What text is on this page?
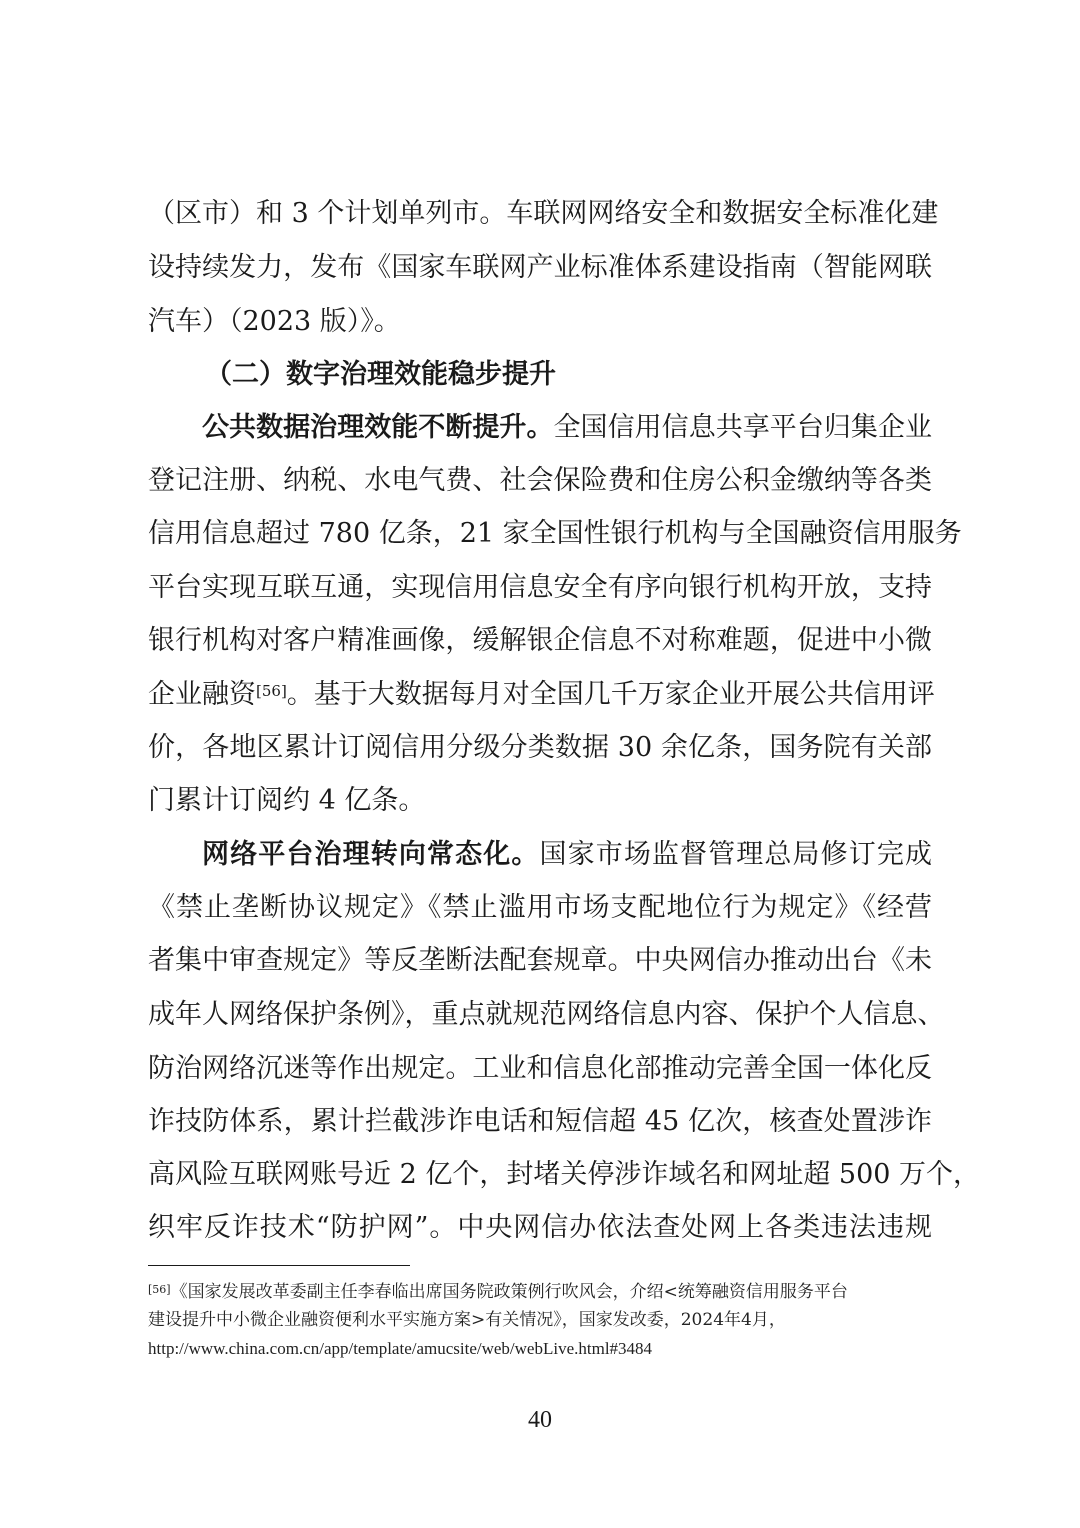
（区市）和 3 个计划单列市。车联网网络安全和数据安全标准化建
设持续发力，发布《国家车联网产业标准体系建设指南（智能网联
汽车）（2023 版）》。
（二）数字治理效能稳步提升
公共数据治理效能不断提升。全国信用信息共享平台归集企业
登记注册、纳税、水电气费、社会保险费和住房公积金缴纳等各类
信用信息超过 780 亿条，21 家全国性银行机构与全国融资信用服务
平台实现互联互通，实现信用信息安全有序向银行机构开放，支持
银行机构对客户精准画像，缓解银企信息不对称难题，促进中小微
企业融资[56]。基于大数据每月对全国几千万家企业开展公共信用评
价，各地区累计订阅信用分级分类数据 30 余亿条，国务院有关部
门累计订阅约 4 亿条。
网络平台治理转向常态化。国家市场监督管理总局修订完成
《禁止垄断协议规定》《禁止滥用市场支配地位行为规定》《经营
者集中审查规定》等反垄断法配套规章。中央网信办推动出台《未
成年人网络保护条例》，重点就规范网络信息内容、保护个人信息、
防治网络沉迷等作出规定。工业和信息化部推动完善全国一体化反
诈技防体系，累计拦截涉诈电话和短信超 45 亿次，核查处置涉诈
高风险互联网账号近 2 亿个，封堵关停涉诈域名和网址超 500 万个，
织牢反诈技术“防护网”。中央网信办依法查处网上各类违法违规
[56]《国家发展改革委副主任李春临出席国务院政策例行吹风会，介绍<统筹融资信用服务平台
建设提升中小微企业融资便利水平实施方案>有关情况》，国家发改委，2024年4月，
http://www.china.com.cn/app/template/amucsite/web/webLive.html#3484
40
